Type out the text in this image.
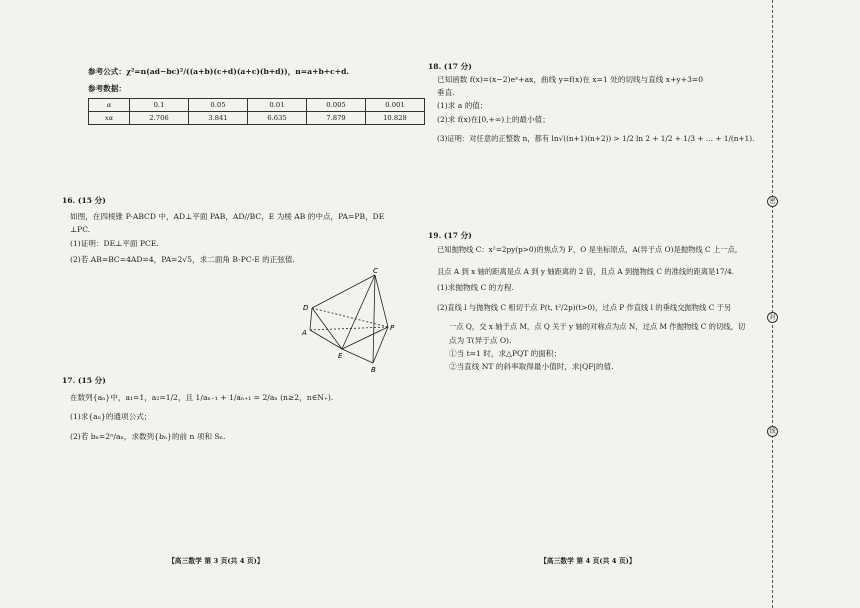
参考公式：χ²=n(ad−bc)²/((a+b)(c+d)(a+c)(b+d))，n=a+b+c+d.
参考数据：
α	0.1	0.05	0.01	0.005	0.001
xα	2.706	3.841	6.635	7.879	10.828
16. (15 分)
如图，在四棱锥 P-ABCD 中，AD⊥平面 PAB，AD//BC，E 为棱 AB 的中点，PA=PB，DE
⊥PC.
(1)证明：DE⊥平面 PCE.
(2)若 AB=BC=4AD=4，PA=2√5，求二面角 B-PC-E 的正弦值.
C
D
A
E
P
B
17. (15 分)
在数列{aₙ}中，a₁=1，a₂=1/2，且 1/aₙ₋₁ + 1/aₙ₊₁ = 2/aₙ (n≥2，n∈N₊).
(1)求{aₙ}的通项公式；
(2)若 bₙ=2ⁿ/aₙ，求数列{bₙ}的前 n 项和 Sₙ.
【高三数学 第 3 页(共 4 页)】
18. (17 分)
已知函数 f(x)=(x−2)eˣ+ax，曲线 y=f(x)在 x=1 处的切线与直线 x+y+3=0
垂直.
(1)求 a 的值；
(2)求 f(x)在[0,+∞)上的最小值；
(3)证明：对任意的正整数 n，都有 ln√((n+1)(n+2)) > 1/2 ln 2 + 1/2 + 1/3 + … + 1/(n+1).
19. (17 分)
已知抛物线 C：x²=2py(p>0)的焦点为 F，O 是坐标原点，A(异于点 O)是抛物线 C 上一点，
且点 A 到 x 轴的距离是点 A 到 y 轴距离的 2 倍，且点 A 到抛物线 C 的准线的距离是17/4.
(1)求抛物线 C 的方程.
(2)直线 l 与抛物线 C 相切于点 P(t, t²/2p)(t>0)，过点 P 作直线 l 的垂线交抛物线 C 于另
一点 Q，交 x 轴于点 M，点 Q 关于 y 轴的对称点为点 N，过点 M 作抛物线 C 的切线，切
点为 T(异于点 O).
①当 t=1 时，求△PQT 的面积；
②当直线 NT 的斜率取得最小值时，求|QF|的值.
【高三数学 第 4 页(共 4 页)】
密
封
线
